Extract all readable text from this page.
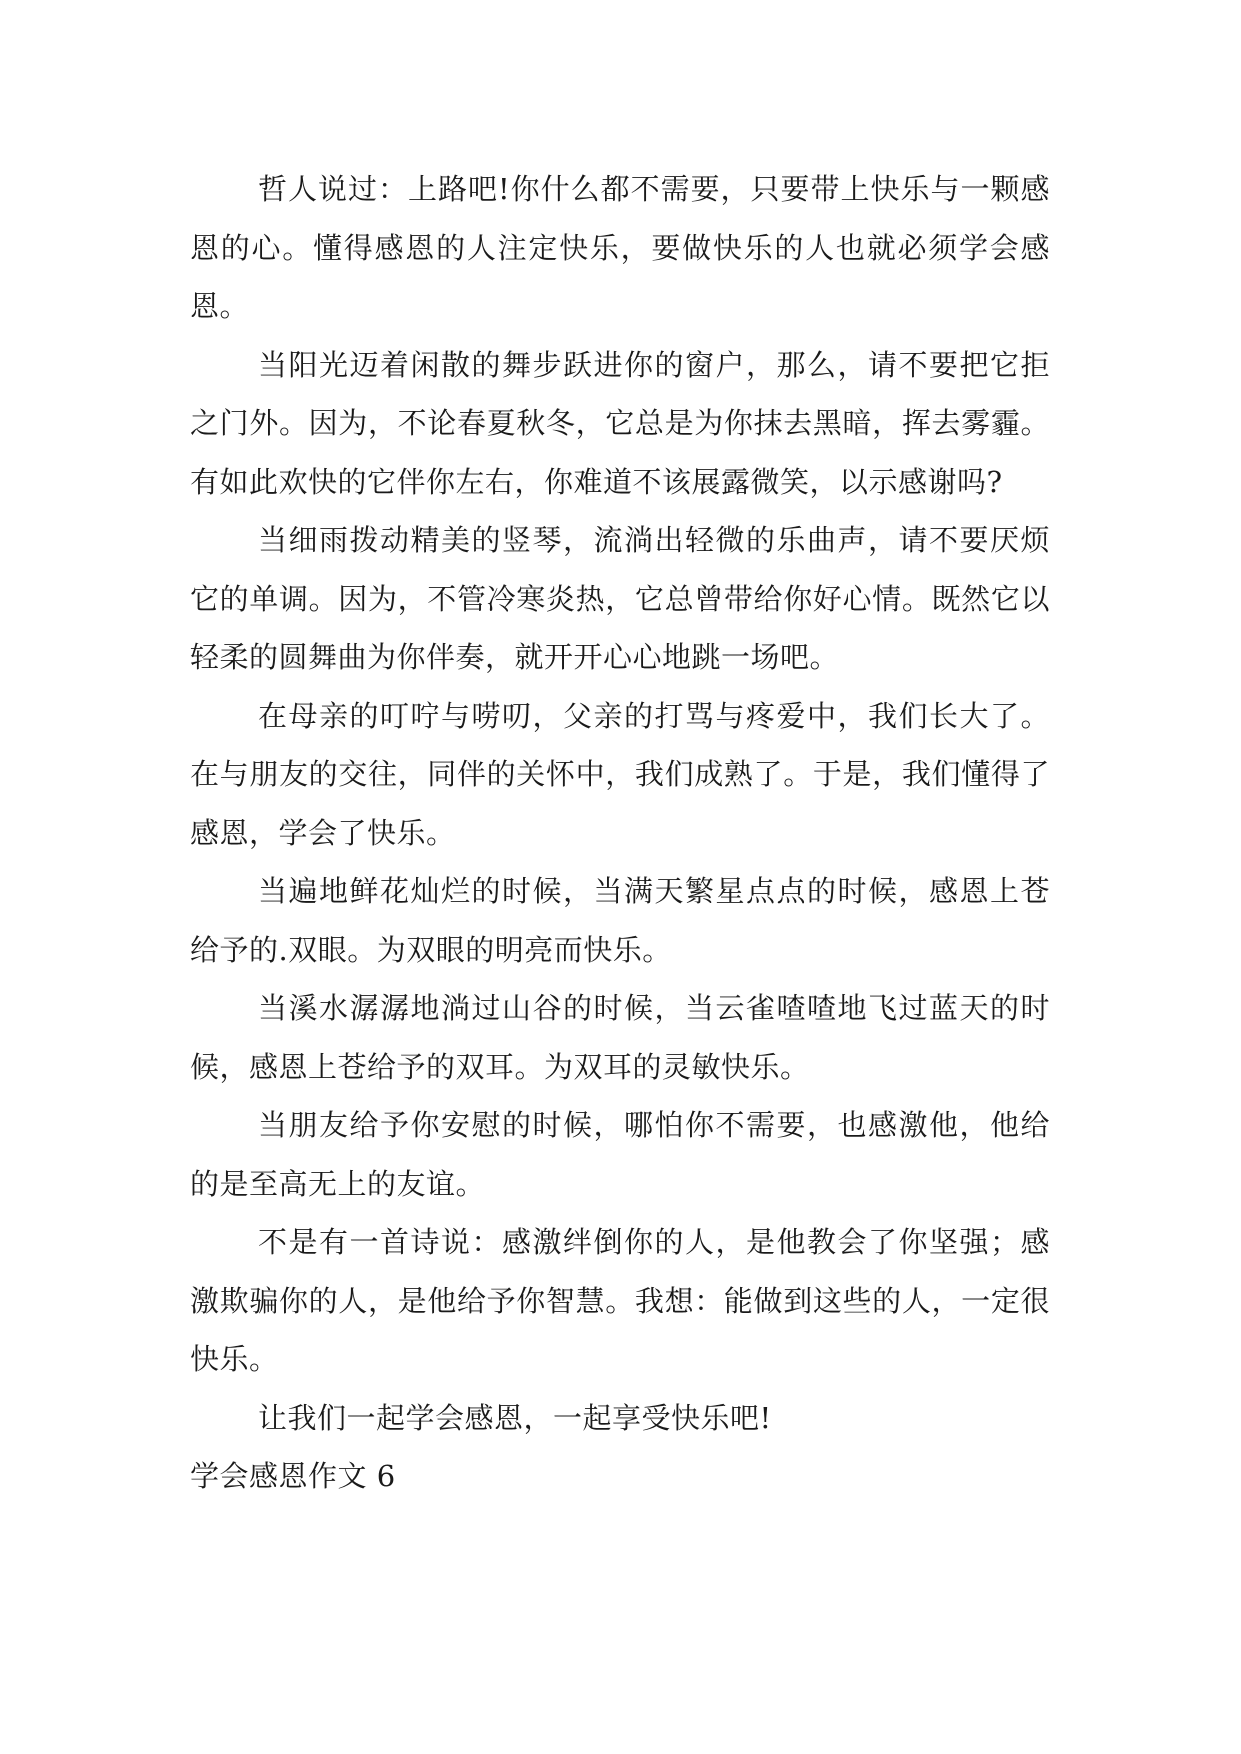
哲人说过：上路吧!你什么都不需要，只要带上快乐与一颗感恩的心。懂得感恩的人注定快乐，要做快乐的人也就必须学会感恩。

当阳光迈着闲散的舞步跃进你的窗户，那么，请不要把它拒之门外。因为，不论春夏秋冬，它总是为你抹去黑暗，挥去雾霾。有如此欢快的它伴你左右，你难道不该展露微笑，以示感谢吗?

当细雨拨动精美的竖琴，流淌出轻微的乐曲声，请不要厌烦它的单调。因为，不管冷寒炎热，它总曾带给你好心情。既然它以轻柔的圆舞曲为你伴奏，就开开心心地跳一场吧。

在母亲的叮咛与唠叨，父亲的打骂与疼爱中，我们长大了。在与朋友的交往，同伴的关怀中，我们成熟了。于是，我们懂得了感恩，学会了快乐。

当遍地鲜花灿烂的时候，当满天繁星点点的时候，感恩上苍给予的.双眼。为双眼的明亮而快乐。

当溪水潺潺地淌过山谷的时候，当云雀喳喳地飞过蓝天的时候，感恩上苍给予的双耳。为双耳的灵敏快乐。

当朋友给予你安慰的时候，哪怕你不需要，也感激他，他给的是至高无上的友谊。

不是有一首诗说：感激绊倒你的人，是他教会了你坚强；感激欺骗你的人，是他给予你智慧。我想：能做到这些的人，一定很快乐。

让我们一起学会感恩，一起享受快乐吧!

学会感恩作文 6
